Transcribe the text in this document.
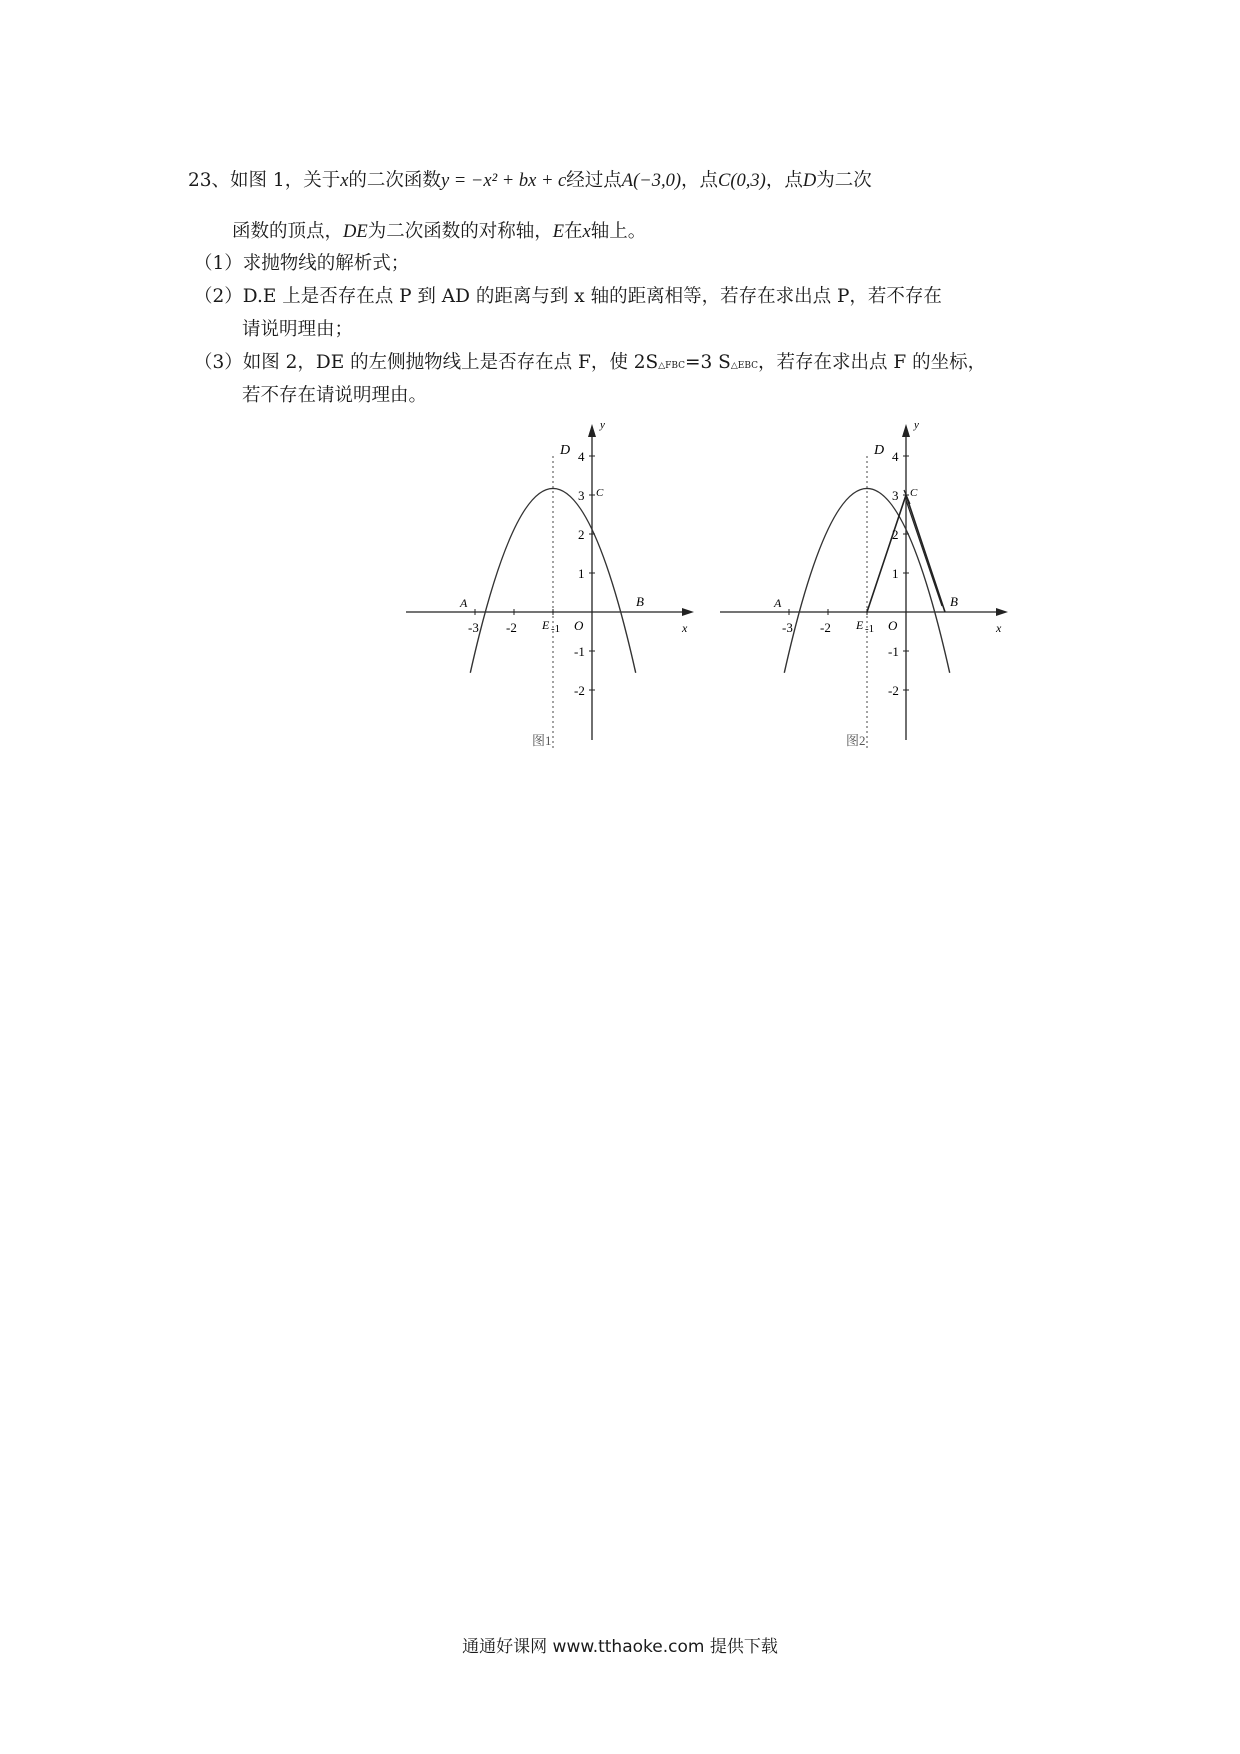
23、如图 1，关于x的二次函数y = −x² + bx + c经过点A(−3,0)，点C(0,3)，点D为二次
函数的顶点，DE为二次函数的对称轴，E在x轴上。
（1）求抛物线的解析式；
（2）D.E 上是否存在点 P 到 AD 的距离与到 x 轴的距离相等，若存在求出点 P，若不存在
请说明理由；
（3）如图 2，DE 的左侧抛物线上是否存在点 F，使 2S△FBC=3 S△EBC，若存在求出点 F 的坐标，
若不存在请说明理由。
y
x
O
A	B
C
D
E
-3 -2	-1
4
3
2
1
-1
-2
图1
y
x
O
A	B
C
D
E
-3 -2	-1
4
3
2
1
-1
-2
图2
通通好课网 www.tthaoke.com 提供下载
